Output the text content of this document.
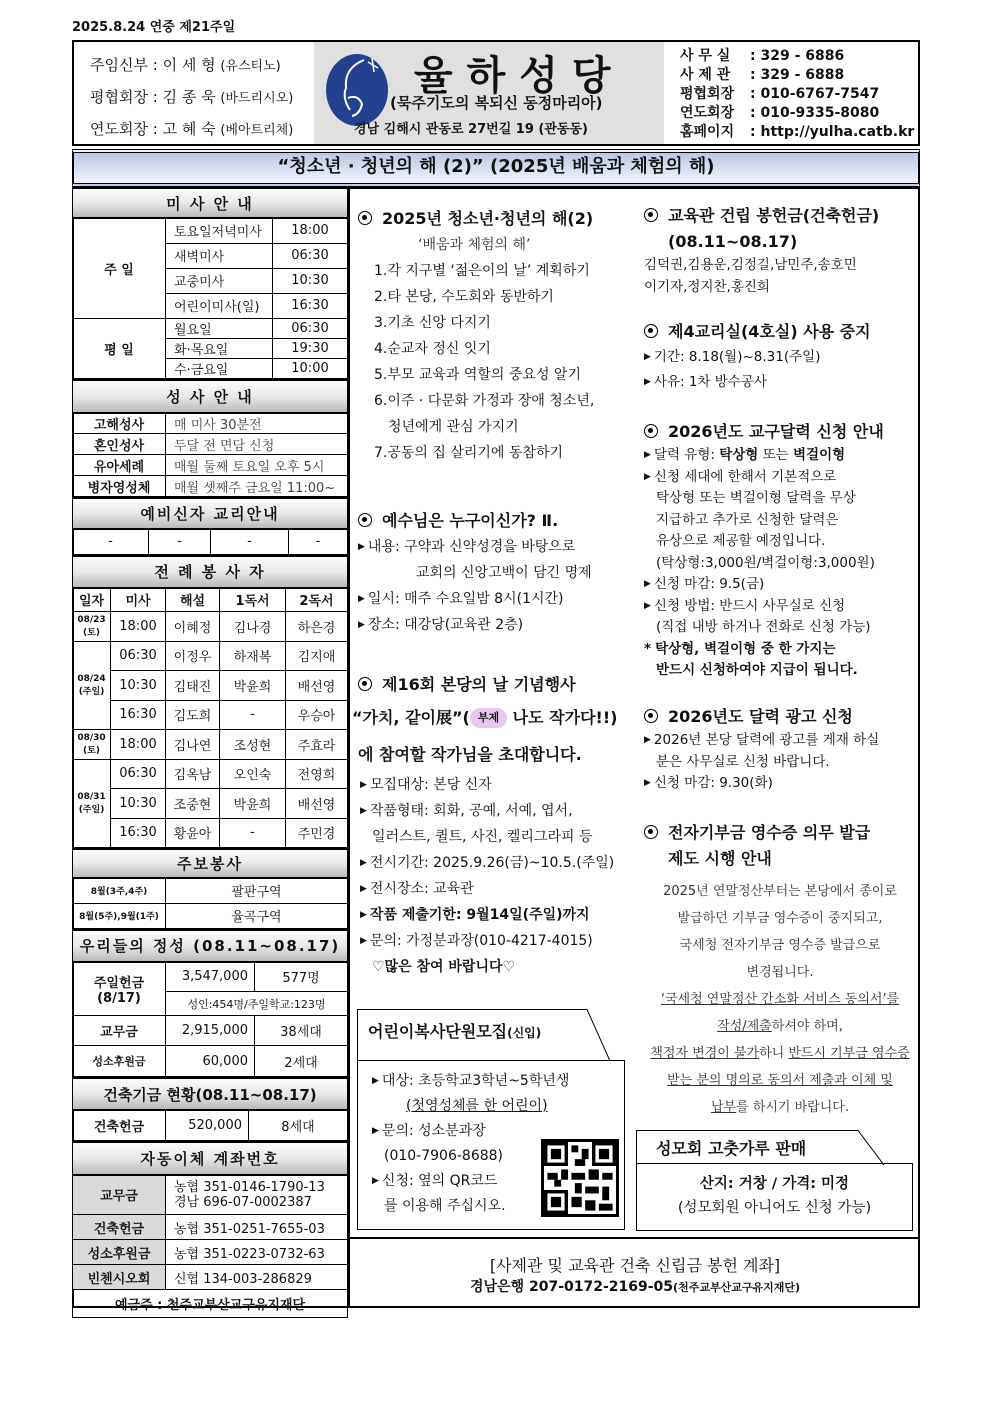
2025.8.24 연중 제21주일
주임신부 : 이 세 형 (유스티노)
평협회장 : 김 종 욱 (바드리시오)
연도회장 : 고 혜 숙 (베아트리체)
율하성당
(묵주기도의 복되신 동정마리아)
경남 김해시 관동로 27번길 19 (관동동)
사 무 실 : 329 - 6886
사 제 관 : 329 - 6888
평협회장 : 010-6767-7547
연도회장 : 010-9335-8080
홈페이지 : http://yulha.catb.kr
“청소년 · 청년의 해 (2)” (2025년 배움과 체험의 해)
미 사 안 내		
주 일	토요일저녁미사	18:00
	새벽미사	06:30
	교중미사	10:30
	어린이미사(일)	16:30
평 일	월요일	06:30
	화·목요일	19:30
	수·금요일	10:00
성 사 안 내	
고해성사	매 미사 30분전
혼인성사	두달 전 면담 신청
유아세례	매월 둘째 토요일 오후 5시
병자영성체	매월 셋째주 금요일 11:00~
예비신자 교리안내
-	-	-	-
전 례 봉 사 자				
일자	미사	해설	1독서	2독서
08/23
(토)	18:00	이혜정	김나경	하은경
08/24
(주일)	06:30	이정우	하재복	김지애
	10:30	김태진	박윤희	배선영
	16:30	김도희	-	우승아
08/30
(토)	18:00	김나연	조성현	주효라
08/31
(주일)	06:30	김옥남	오인숙	전영희
	10:30	조중현	박윤희	배선영
	16:30	황윤아	-	주민경
주보봉사	
8월(3주,4주)	팔판구역
8월(5주),9월(1주)	율곡구역
우리들의 정성 (08.11~08.17)		
주일헌금
(8/17)	3,547,000	577명
	성인:454명/주일학교:123명	
교무금	2,915,000	38세대
성소후원금	60,000	2세대
건축기금 현황(08.11~08.17)
건축헌금	520,000	8세대
자동이체 계좌번호	
교무금	농협 351-0146-1790-13
경남 696-07-0002387
건축헌금	농협 351-0251-7655-03
성소후원금	농협 351-0223-0732-63
빈첸시오회	신협 134-003-286829
예금주 : 천주교부산교구유지재단	
2025년 청소년·청년의 해(2)
‘배움과 체험의 해’
1.각 지구별 ‘젊은이의 날’ 계획하기
2.타 본당, 수도회와 동반하기
3.기초 신앙 다지기
4.순교자 정신 잇기
5.부모 교육과 역할의 중요성 알기
6.이주 · 다문화 가정과 장애 청소년,
청년에게 관심 가지기
7.공동의 집 살리기에 동참하기
예수님은 누구이신가? Ⅱ.
▶ 내용: 구약과 신약성경을 바탕으로
교회의 신앙고백이 담긴 명제
▶ 일시: 매주 수요일밤 8시(1시간)
▶ 장소: 대강당(교육관 2층)
제16회 본당의 날 기념행사
“가치, 같이展”( 부제 나도 작가다!!)
에 참여할 작가님을 초대합니다.
▶ 모집대상: 본당 신자
▶ 작품형태: 회화, 공예, 서예, 엽서,
일러스트, 퀼트, 사진, 켈리그라피 등
▶ 전시기간: 2025.9.26(금)~10.5.(주일)
▶ 전시장소: 교육관
▶ 작품 제출기한: 9월14일(주일)까지
▶ 문의: 가정분과장(010-4217-4015)
♡많은 참여 바랍니다♡
어린이복사단원모집(신입)
▶ 대상: 초등학교3학년~5학년생
(첫영성체를 한 어린이)
▶ 문의: 성소분과장
(010-7906-8688)
▶ 신청: 옆의 QR코드
를 이용해 주십시오.
교육관 건립 봉헌금(건축헌금)
(08.11~08.17)
김덕권,김용운,김정길,남민주,송호민
이기자,정지찬,홍진희
제4교리실(4호실) 사용 중지
▶ 기간: 8.18(월)~8.31(주일)
▶ 사유: 1차 방수공사
2026년도 교구달력 신청 안내
▶ 달력 유형: 탁상형 또는 벽걸이형
▶ 신청 세대에 한해서 기본적으로
탁상형 또는 벽걸이형 달력을 무상
지급하고 추가로 신청한 달력은
유상으로 제공할 예정입니다.
(탁상형:3,000원/벽걸이형:3,000원)
▶ 신청 마감: 9.5(금)
▶ 신청 방법: 반드시 사무실로 신청
(직접 내방 하거나 전화로 신청 가능)
* 탁상형, 벽걸이형 중 한 가지는
반드시 신청하여야 지급이 됩니다.
2026년도 달력 광고 신청
▶ 2026년 본당 달력에 광고를 게재 하실
분은 사무실로 신청 바랍니다.
▶ 신청 마감: 9.30(화)
전자기부금 영수증 의무 발급
제도 시행 안내
2025년 연말정산부터는 본당에서 종이로
발급하던 기부금 영수증이 중지되고,
국세청 전자기부금 영수증 발급으로
변경됩니다.
‘국세청 연말정산 간소화 서비스 동의서’를
작성/제출하셔야 하며,
책정자 변경이 불가하니 반드시 기부금 영수증
받는 분의 명의로 동의서 제출과 이체 및
납부를 하시기 바랍니다.
성모회 고춧가루 판매
산지: 거창 / 가격: 미정
(성모회원 아니어도 신청 가능)
[사제관 및 교육관 건축 신립금 봉헌 계좌]
경남은행 207-0172-2169-05(천주교부산교구유지재단)
